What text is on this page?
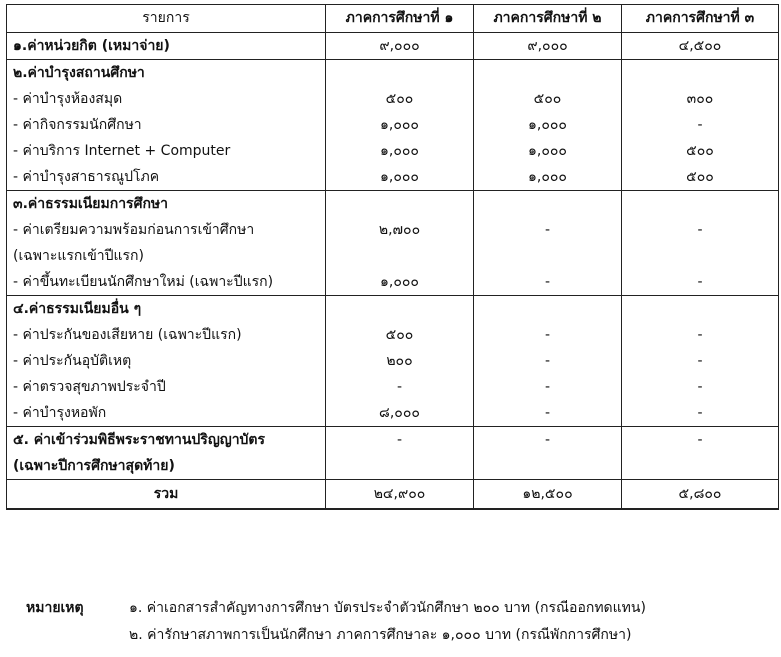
รายการ	ภาคการศึกษาที่ ๑	ภาคการศึกษาที่ ๒	ภาคการศึกษาที่ ๓
๑.ค่าหน่วยกิต (เหมาจ่าย)	๙,๐๐๐	๙,๐๐๐	๔,๕๐๐
๒.ค่าบำรุงสถานศึกษา			
- ค่าบำรุงห้องสมุด	๕๐๐	๕๐๐	๓๐๐
- ค่ากิจกรรมนักศึกษา	๑,๐๐๐	๑,๐๐๐	-
- ค่าบริการ Internet + Computer	๑,๐๐๐	๑,๐๐๐	๕๐๐
- ค่าบำรุงสาธารณูปโภค	๑,๐๐๐	๑,๐๐๐	๕๐๐
๓.ค่าธรรมเนียมการศึกษา			
- ค่าเตรียมความพร้อมก่อนการเข้าศึกษา	๒,๗๐๐	-	-
(เฉพาะแรกเข้าปีแรก)			
- ค่าขึ้นทะเบียนนักศึกษาใหม่ (เฉพาะปีแรก)	๑,๐๐๐	-	-
๔.ค่าธรรมเนียมอื่น ๆ			
- ค่าประกันของเสียหาย (เฉพาะปีแรก)	๕๐๐	-	-
- ค่าประกันอุบัติเหตุ	๒๐๐	-	-
- ค่าตรวจสุขภาพประจำปี	-	-	-
- ค่าบำรุงหอพัก	๘,๐๐๐	-	-
๕. ค่าเข้าร่วมพิธีพระราชทานปริญญาบัตร	-	-	-
(เฉพาะปีการศึกษาสุดท้าย)			
รวม	๒๔,๙๐๐	๑๒,๕๐๐	๕,๘๐๐
หมายเหตุ	๑. ค่าเอกสารสำคัญทางการศึกษา บัตรประจำตัวนักศึกษา ๒๐๐ บาท (กรณีออกทดแทน)
๒. ค่ารักษาสภาพการเป็นนักศึกษา ภาคการศึกษาละ ๑,๐๐๐ บาท (กรณีพักการศึกษา)
